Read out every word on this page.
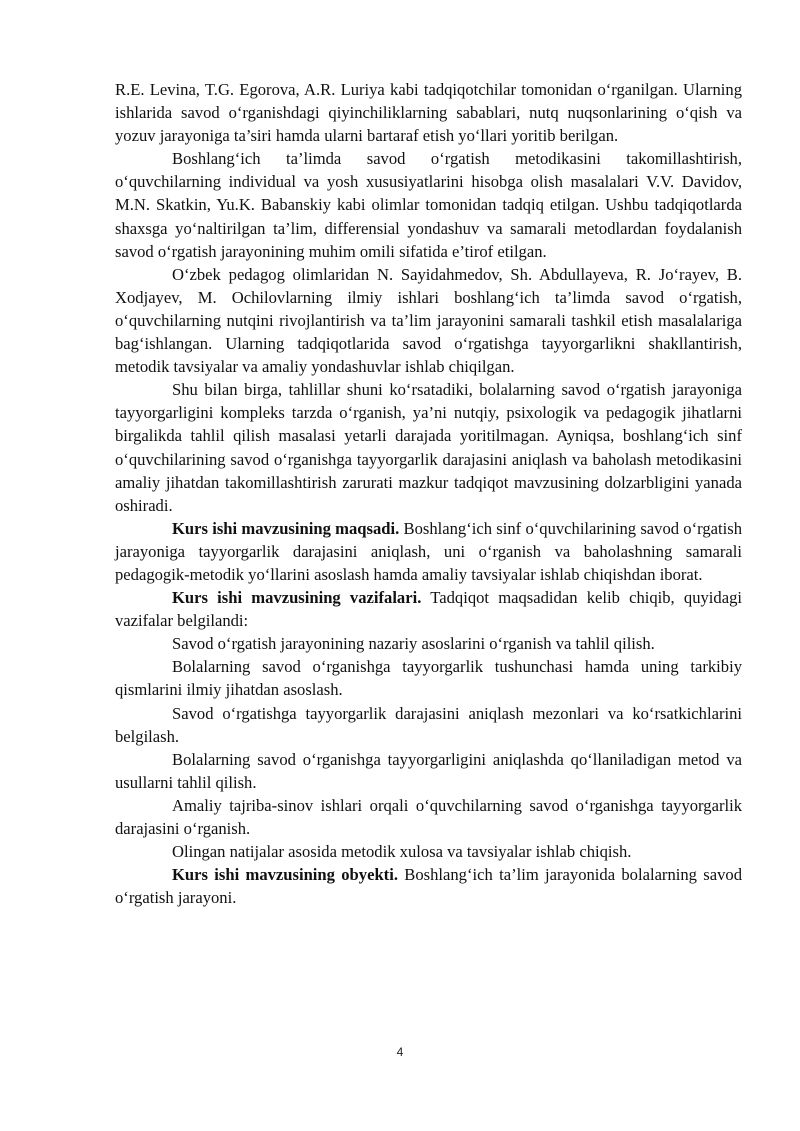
R.E. Levina, T.G. Egorova, A.R. Luriya kabi tadqiqotchilar tomonidan o‘rganilgan. Ularning ishlarida savod o‘rganishdagi qiyinchiliklarning sabablari, nutq nuqsonlarining o‘qish va yozuv jarayoniga ta’siri hamda ularni bartaraf etish yo‘llari yoritib berilgan.

Boshlang‘ich ta’limda savod o‘rgatish metodikasini takomillashtirish, o‘quvchilarning individual va yosh xususiyatlarini hisobga olish masalalari V.V. Davidov, M.N. Skatkin, Yu.K. Babanskiy kabi olimlar tomonidan tadqiq etilgan. Ushbu tadqiqotlarda shaxsga yo‘naltirilgan ta’lim, differensial yondashuv va samarali metodlardan foydalanish savod o‘rgatish jarayonining muhim omili sifatida e’tirof etilgan.

O‘zbek pedagog olimlaridan N. Sayidahmedov, Sh. Abdullayeva, R. Jo‘rayev, B. Xodjayev, M. Ochilovlarning ilmiy ishlari boshlang‘ich ta’limda savod o‘rgatish, o‘quvchilarning nutqini rivojlantirish va ta’lim jarayonini samarali tashkil etish masalalariga bag‘ishlangan. Ularning tadqiqotlarida savod o‘rgatishga tayyorgarlikni shakllantirish, metodik tavsiyalar va amaliy yondashuvlar ishlab chiqilgan.

Shu bilan birga, tahlillar shuni ko‘rsatadiki, bolalarning savod o‘rgatish jarayoniga tayyorgarligini kompleks tarzda o‘rganish, ya’ni nutqiy, psixologik va pedagogik jihatlarni birgalikda tahlil qilish masalasi yetarli darajada yoritilmagan. Ayniqsa, boshlang‘ich sinf o‘quvchilarining savod o‘rganishga tayyorgarlik darajasini aniqlash va baholash metodikasini amaliy jihatdan takomillashtirish zarurati mazkur tadqiqot mavzusining dolzarbligini yanada oshiradi.

Kurs ishi mavzusining maqsadi. Boshlang‘ich sinf o‘quvchilarining savod o‘rgatish jarayoniga tayyorgarlik darajasini aniqlash, uni o‘rganish va baholashning samarali pedagogik-metodik yo‘llarini asoslash hamda amaliy tavsiyalar ishlab chiqishdan iborat.

Kurs ishi mavzusining vazifalari. Tadqiqot maqsadidan kelib chiqib, quyidagi vazifalar belgilandi:

Savod o‘rgatish jarayonining nazariy asoslarini o‘rganish va tahlil qilish.

Bolalarning savod o‘rganishga tayyorgarlik tushunchasi hamda uning tarkibiy qismlarini ilmiy jihatdan asoslash.

Savod o‘rgatishga tayyorgarlik darajasini aniqlash mezonlari va ko‘rsatkichlarini belgilash.

Bolalarning savod o‘rganishga tayyorgarligini aniqlashda qo‘llaniladigan metod va usullarni tahlil qilish.

Amaliy tajriba-sinov ishlari orqali o‘quvchilarning savod o‘rganishga tayyorgarlik darajasini o‘rganish.

Olingan natijalar asosida metodik xulosa va tavsiyalar ishlab chiqish.

Kurs ishi mavzusining obyekti. Boshlang‘ich ta’lim jarayonida bolalarning savod o‘rgatish jarayoni.

4
